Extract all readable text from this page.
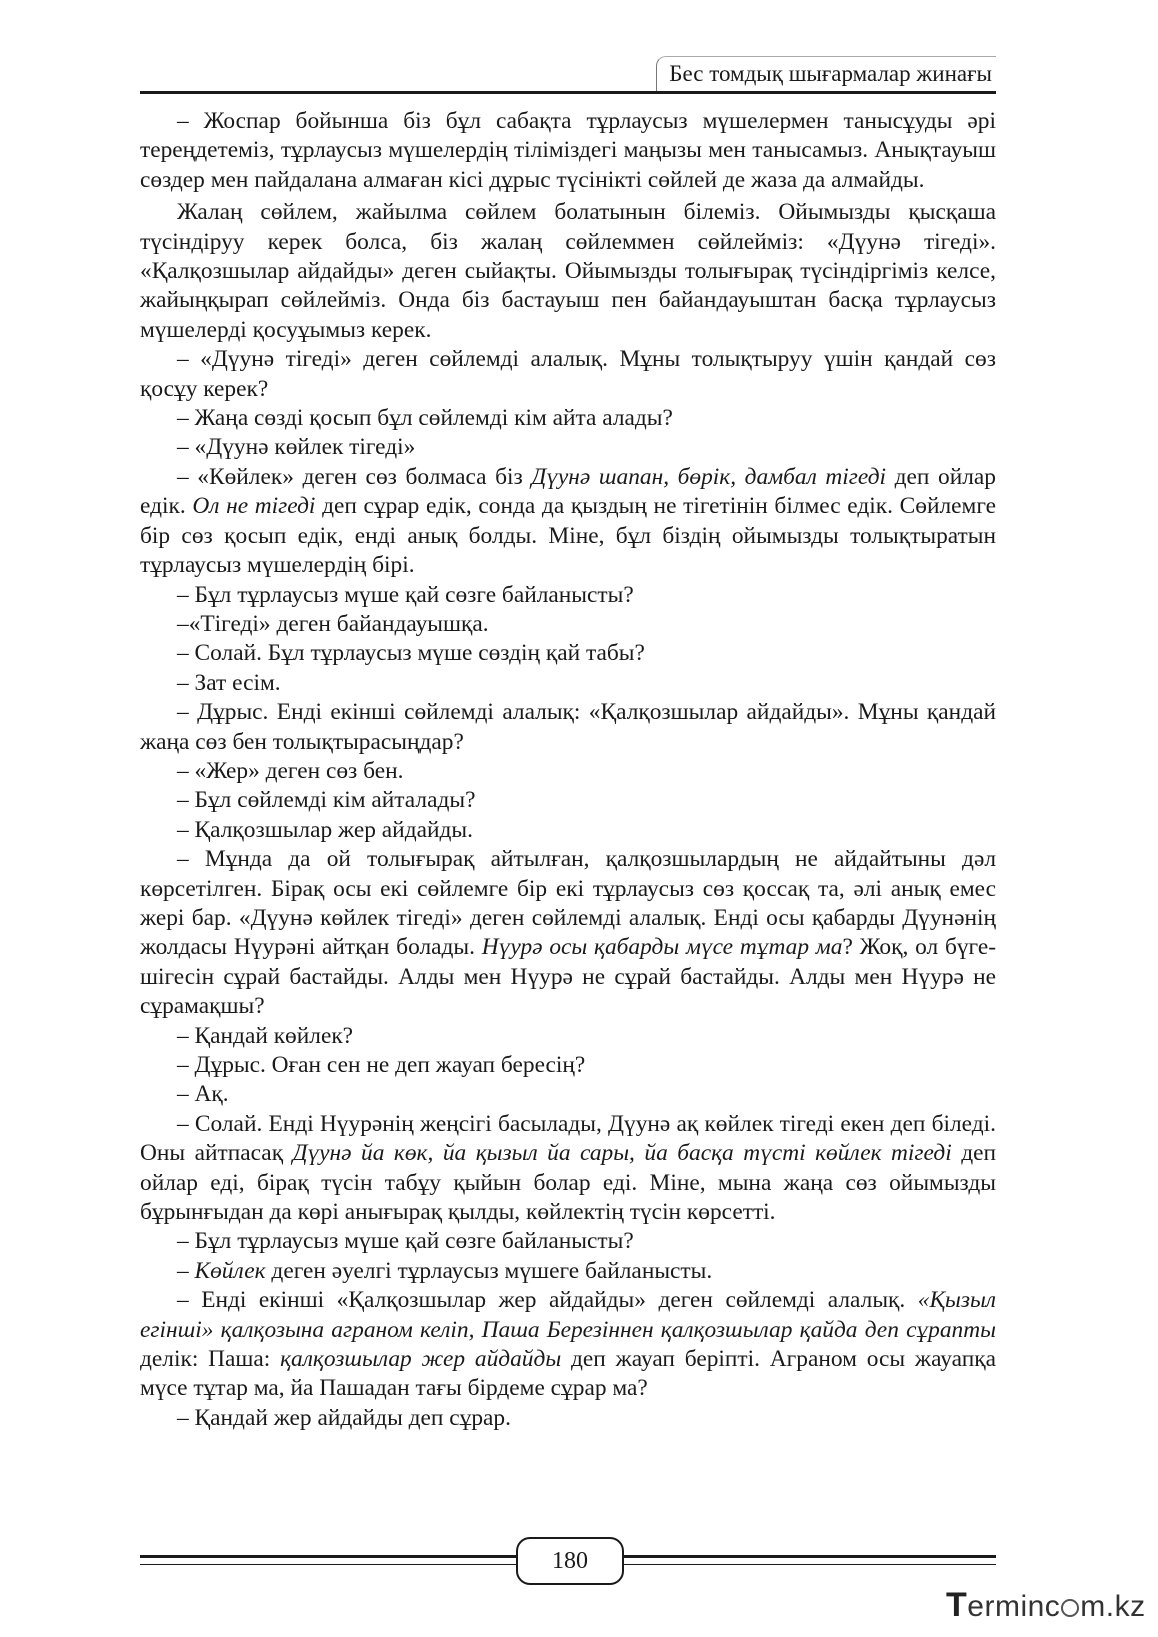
Бес томдық шығармалар жинағы

– Жоспар бойынша біз бұл сабақта тұрлаусыз мүшелермен танысұуды әрі тереңдетеміз, тұрлаусыз мүшелердің тіліміздегі маңызы мен танысамыз. Анықтауыш сөздер мен пайдалана алмаған кісі дұрыс түсінікті сөйлей де жаза да алмайды.

Жалаң сөйлем, жайылма сөйлем болатынын білеміз. Ойымызды қысқаша түсіндіруу керек болса, біз жалаң сөйлеммен сөйлейміз: «Дүунә тігеді». «Қалқозшылар айдайды» деген сыйақты. Ойымызды толығырақ түсіндіргіміз келсе, жайыңқырап сөйлейміз. Онда біз бастауыш пен байандауыштан басқа тұрлаусыз мүшелерді қосуұымыз керек.

– «Дүунә тігеді» деген сөйлемді алалық. Мұны толықтыруу үшін қандай сөз қосұу керек?

– Жаңа сөзді қосып бұл сөйлемді кім айта алады?

– «Дүунә көйлек тігеді»

– «Көйлек» деген сөз болмаса біз Дүунә шапан, бөрік, дамбал тігеді деп ойлар едік. Ол не тігеді деп сұрар едік, сонда да қыздың не тігетінін білмес едік. Сөйлемге бір сөз қосып едік, енді анық болды. Міне, бұл біздің ойымызды толықтыратын тұрлаусыз мүшелердің бірі.

– Бұл тұрлаусыз мүше қай сөзге байланысты?

–«Тігеді» деген байандауышқа.

– Солай. Бұл тұрлаусыз мүше сөздің қай табы?

– Зат есім.

– Дұрыс. Енді екінші сөйлемді алалық: «Қалқозшылар айдайды». Мұны қандай жаңа сөз бен толықтырасыңдар?

– «Жер» деген сөз бен.

– Бұл сөйлемді кім айталады?

– Қалқозшылар жер айдайды.

– Мұнда да ой толығырақ айтылған, қалқозшылардың не айдайтыны дәл көрсетілген. Бірақ осы екі сөйлемге бір екі тұрлаусыз сөз қоссақ та, әлі анық емес жері бар. «Дүунә көйлек тігеді» деген сөйлемді алалық. Енді осы қабарды Дүунәнің жолдасы Нүурәні айтқан болады. Нүурә осы қабарды мүсе тұтар ма? Жоқ, ол бүге-шігесін сұрай бастайды. Алды мен Нүурә не сұрай бастайды. Алды мен Нүурә не сұрамақшы?

– Қандай көйлек?

– Дұрыс. Оған сен не деп жауап бересің?

– Ақ.

– Солай. Енді Нүурәнің жеңсігі басылады, Дүунә ақ көйлек тігеді екен деп біледі. Оны айтпасақ Дүунә йа көк, йа қызыл йа сары, йа басқа түсті көйлек тігеді деп ойлар еді, бірақ түсін табұу қыйын болар еді. Міне, мына жаңа сөз ойымызды бұрынғыдан да көрі анығырақ қылды, көйлектің түсін көрсетті.

– Бұл тұрлаусыз мүше қай сөзге байланысты?

– Көйлек деген әуелгі тұрлаусыз мүшеге байланысты.

– Енді екінші «Қалқозшылар жер айдайды» деген сөйлемді алалық. «Қызыл егінші» қалқозына аграном келіп, Паша Березіннен қалқозшылар қайда деп сұрапты делік: Паша: қалқозшылар жер айдайды деп жауап беріпті. Аграном осы жауапқа мүсе тұтар ма, йа Пашадан тағы бірдеме сұрар ма?

– Қандай жер айдайды деп сұрар.

180
Terminc m.kz
